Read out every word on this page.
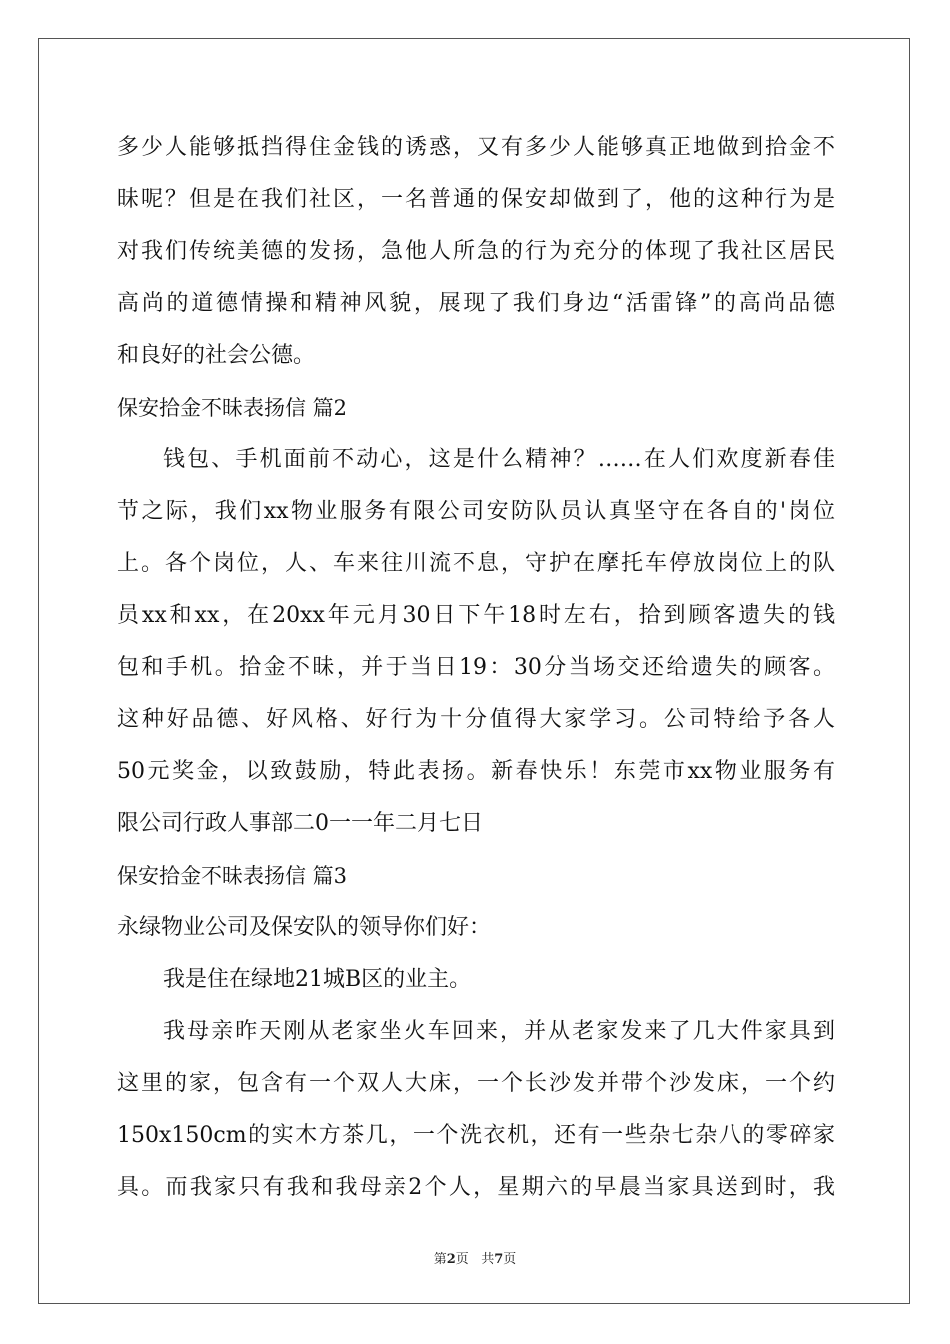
多少人能够抵挡得住金钱的诱惑，又有多少人能够真正地做到拾金不
昧呢？但是在我们社区，一名普通的保安却做到了，他的这种行为是
对我们传统美德的发扬，急他人所急的行为充分的体现了我社区居民
高尚的道德情操和精神风貌，展现了我们身边“活雷锋”的高尚品德
和良好的社会公德。
保安拾金不昧表扬信 篇2
钱包、手机面前不动心，这是什么精神？……在人们欢度新春佳
节之际，我们xx物业服务有限公司安防队员认真坚守在各自的'岗位
上。各个岗位，人、车来往川流不息，守护在摩托车停放岗位上的队
员xx和xx，在20xx年元月30日下午18时左右，拾到顾客遗失的钱
包和手机。拾金不昧，并于当日19：30分当场交还给遗失的顾客。
这种好品德、好风格、好行为十分值得大家学习。公司特给予各人
50元奖金，以致鼓励，特此表扬。新春快乐！东莞市xx物业服务有
限公司行政人事部二0一一年二月七日
保安拾金不昧表扬信 篇3
永绿物业公司及保安队的领导你们好：
我是住在绿地21城B区的业主。
我母亲昨天刚从老家坐火车回来，并从老家发来了几大件家具到
这里的家，包含有一个双人大床，一个长沙发并带个沙发床，一个约
150x150cm的实木方茶几，一个洗衣机，还有一些杂七杂八的零碎家
具。而我家只有我和我母亲2个人，星期六的早晨当家具送到时，我
第2页   共7页
